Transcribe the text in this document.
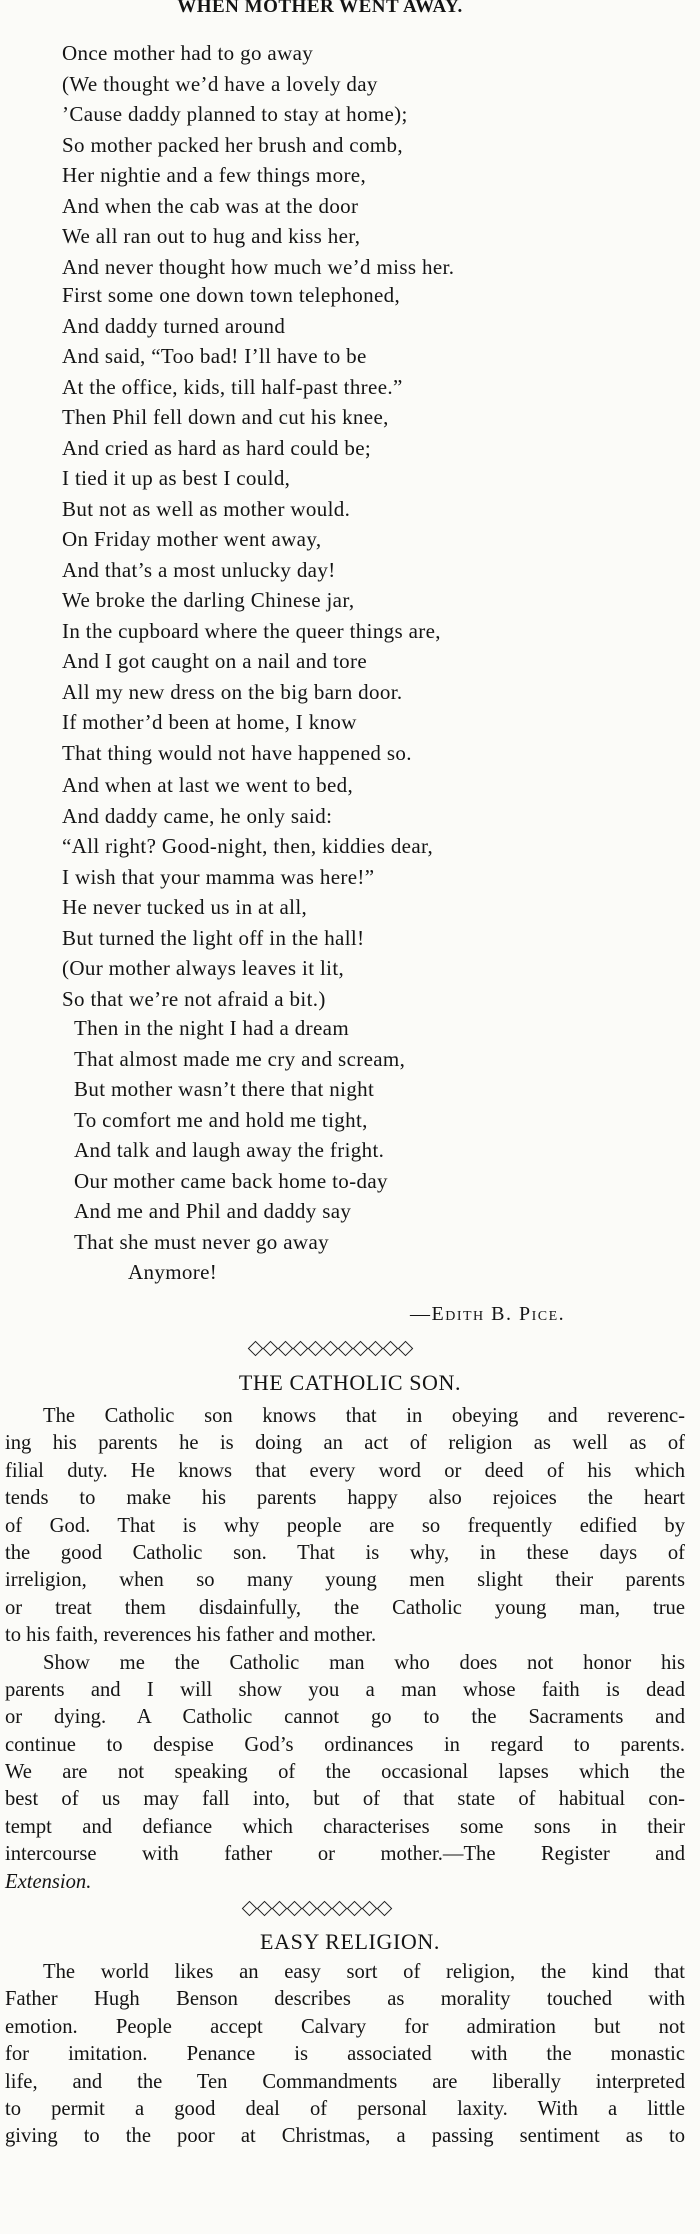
WHEN MOTHER WENT AWAY.
Once mother had to go away
(We thought we’d have a lovely day
’Cause daddy planned to stay at home);
So mother packed her brush and comb,
Her nightie and a few things more,
And when the cab was at the door
We all ran out to hug and kiss her,
And never thought how much we’d miss her.
First some one down town telephoned,
And daddy turned around
And said, “Too bad! I’ll have to be
At the office, kids, till half-past three.”
Then Phil fell down and cut his knee,
And cried as hard as hard could be;
I tied it up as best I could,
But not as well as mother would.
On Friday mother went away,
And that’s a most unlucky day!
We broke the darling Chinese jar,
In the cupboard where the queer things are,
And I got caught on a nail and tore
All my new dress on the big barn door.
If mother’d been at home, I know
That thing would not have happened so.
And when at last we went to bed,
And daddy came, he only said:
“All right? Good-night, then, kiddies dear,
I wish that your mamma was here!”
He never tucked us in at all,
But turned the light off in the hall!
(Our mother always leaves it lit,
So that we’re not afraid a bit.)
Then in the night I had a dream
That almost made me cry and scream,
But mother wasn’t there that night
To comfort me and hold me tight,
And talk and laugh away the fright.
Our mother came back home to-day
And me and Phil and daddy say
That she must never go away
Anymore!
—Edith B. Pice.
THE CATHOLIC SON.
The Catholic son knows that in obeying and reverenc-
ing his parents he is doing an act of religion as well as of
filial duty. He knows that every word or deed of his which
tends to make his parents happy also rejoices the heart
of God. That is why people are so frequently edified by
the good Catholic son. That is why, in these days of
irreligion, when so many young men slight their parents
or treat them disdainfully, the Catholic young man, true
to his faith, reverences his father and mother.
Show me the Catholic man who does not honor his
parents and I will show you a man whose faith is dead
or dying. A Catholic cannot go to the Sacraments and
continue to despise God’s ordinances in regard to parents.
We are not speaking of the occasional lapses which the
best of us may fall into, but of that state of habitual con-
tempt and defiance which characterises some sons in their
intercourse with father or mother.—The Register and
Extension.
EASY RELIGION.
The world likes an easy sort of religion, the kind that
Father Hugh Benson describes as morality touched with
emotion. People accept Calvary for admiration but not
for imitation. Penance is associated with the monastic
life, and the Ten Commandments are liberally interpreted
to permit a good deal of personal laxity. With a little
giving to the poor at Christmas, a passing sentiment as to
